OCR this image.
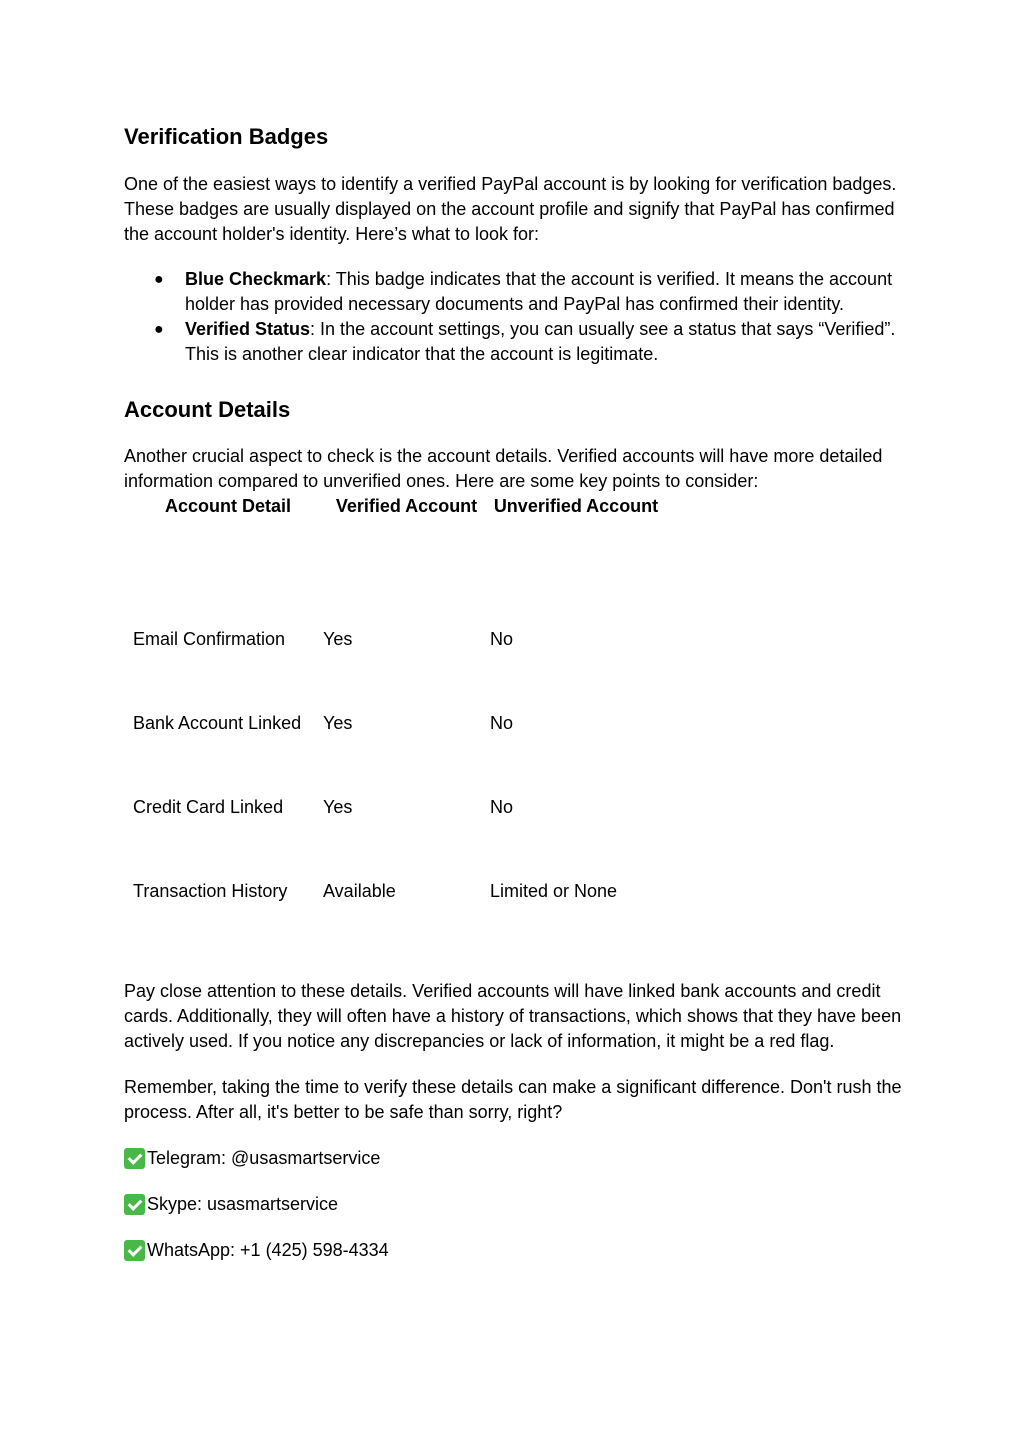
Verification Badges

One of the easiest ways to identify a verified PayPal account is by looking for verification badges. These badges are usually displayed on the account profile and signify that PayPal has confirmed the account holder's identity. Here’s what to look for:

● Blue Checkmark: This badge indicates that the account is verified. It means the account holder has provided necessary documents and PayPal has confirmed their identity.
● Verified Status: In the account settings, you can usually see a status that says “Verified”. This is another clear indicator that the account is legitimate.
Account Details

Another crucial aspect to check is the account details. Verified accounts will have more detailed information compared to unverified ones. Here are some key points to consider:

Account Detail	Verified Account	Unverified Account
Email Confirmation	Yes	No
Bank Account Linked	Yes	No
Credit Card Linked	Yes	No
Transaction History	Available	Limited or None

Pay close attention to these details. Verified accounts will have linked bank accounts and credit cards. Additionally, they will often have a history of transactions, which shows that they have been actively used. If you notice any discrepancies or lack of information, it might be a red flag.

Remember, taking the time to verify these details can make a significant difference. Don't rush the process. After all, it's better to be safe than sorry, right?

Telegram: @usasmartservice
Skype: usasmartservice
WhatsApp: +1 (425) 598-4334
